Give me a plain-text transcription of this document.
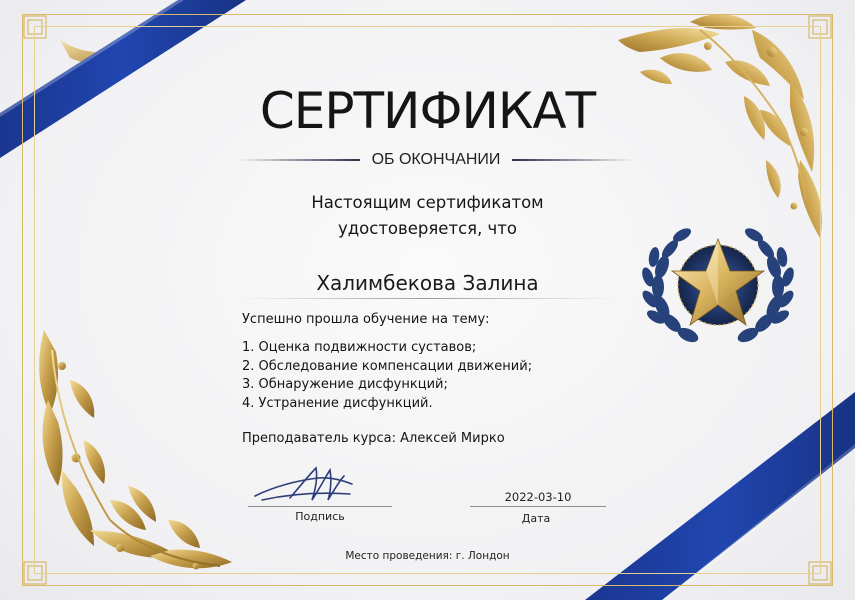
СЕРТИФИКАТ
ОБ ОКОНЧАНИИ
Настоящим сертификатом
удостоверяется, что
Халимбекова Залина
Успешно прошла обучение на тему:
1. Оценка подвижности суставов;
2. Обследование компенсации движений;
3. Обнаружение дисфункций;
4. Устранение дисфункций.
Преподаватель курса: Алексей Мирко
Подпись
2022-03-10
Дата
Место проведения: г. Лондон
